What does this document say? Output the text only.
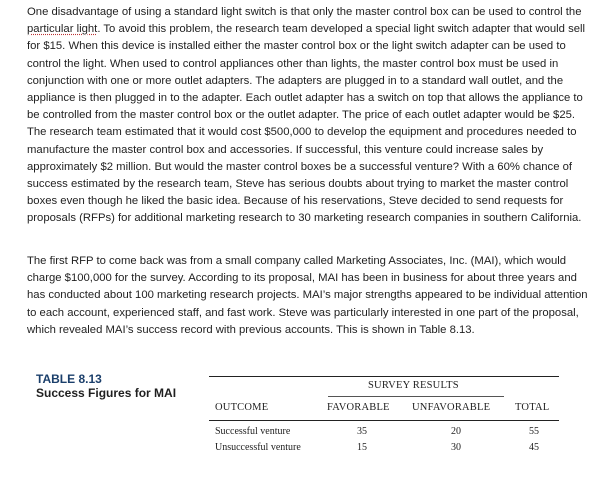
One disadvantage of using a standard light switch is that only the master control box can be used to control the particular light. To avoid this problem, the research team developed a special light switch adapter that would sell for $15. When this device is installed either the master control box or the light switch adapter can be used to control the light. When used to control appliances other than lights, the master control box must be used in conjunction with one or more outlet adapters. The adapters are plugged in to a standard wall outlet, and the appliance is then plugged in to the adapter. Each outlet adapter has a switch on top that allows the appliance to be controlled from the master control box or the outlet adapter. The price of each outlet adapter would be $25. The research team estimated that it would cost $500,000 to develop the equipment and procedures needed to manufacture the master control box and accessories. If successful, this venture could increase sales by approximately $2 million. But would the master control boxes be a successful venture? With a 60% chance of success estimated by the research team, Steve has serious doubts about trying to market the master control boxes even though he liked the basic idea. Because of his reservations, Steve decided to send requests for proposals (RFPs) for additional marketing research to 30 marketing research companies in southern California.

The first RFP to come back was from a small company called Marketing Associates, Inc. (MAI), which would charge $100,000 for the survey. According to its proposal, MAI has been in business for about three years and has conducted about 100 marketing research projects. MAI’s major strengths appeared to be individual attention to each account, experienced staff, and fast work. Steve was particularly interested in one part of the proposal, which revealed MAI’s success record with previous accounts. This is shown in Table 8.13.

TABLE 8.13
Success Figures for MAI
SURVEY RESULTS
OUTCOME	FAVORABLE UNFAVORABLE TOTAL
Successful venture	35	20	55
Unsuccessful venture	15	30	45
